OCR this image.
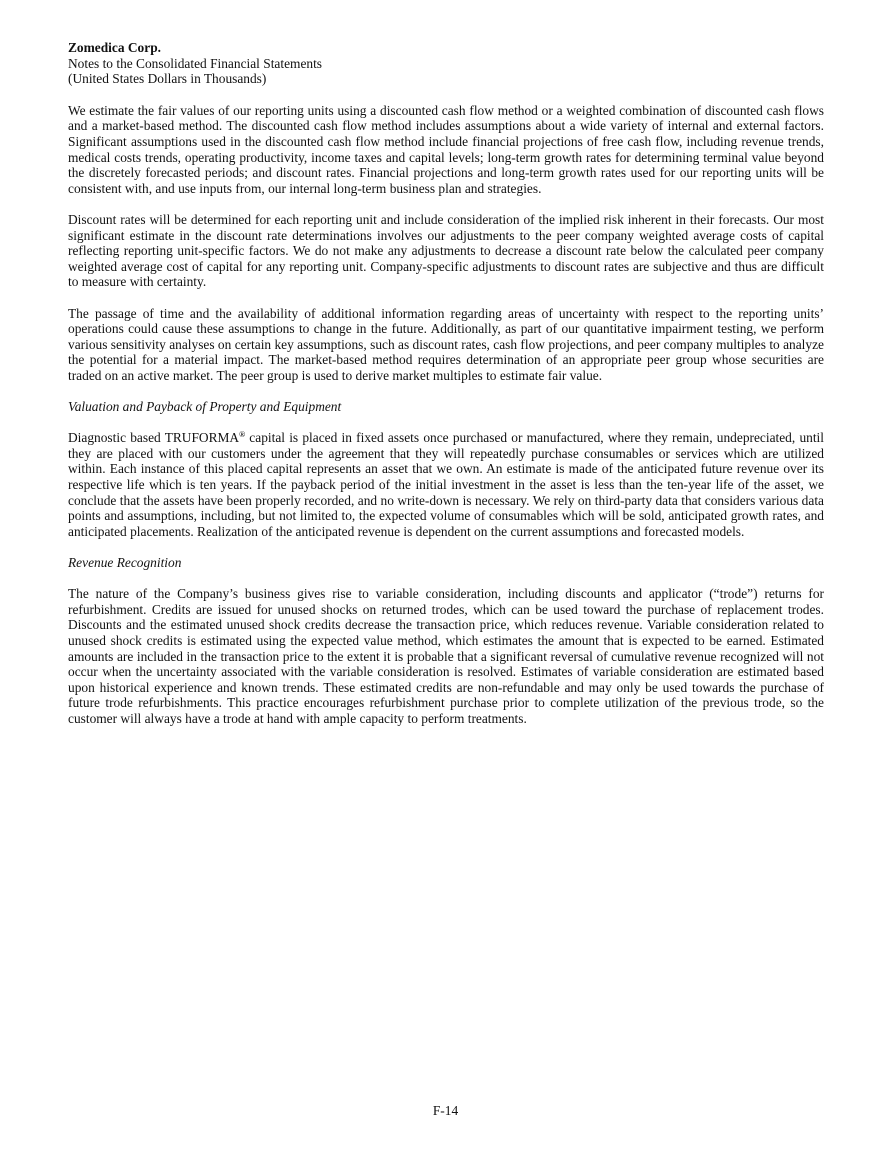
Zomedica Corp.
Notes to the Consolidated Financial Statements
(United States Dollars in Thousands)

We estimate the fair values of our reporting units using a discounted cash flow method or a weighted combination of discounted cash flows and a market-based method. The discounted cash flow method includes assumptions about a wide variety of internal and external factors. Significant assumptions used in the discounted cash flow method include financial projections of free cash flow, including revenue trends, medical costs trends, operating productivity, income taxes and capital levels; long-term growth rates for determining terminal value beyond the discretely forecasted periods; and discount rates. Financial projections and long-term growth rates used for our reporting units will be consistent with, and use inputs from, our internal long-term business plan and strategies.

Discount rates will be determined for each reporting unit and include consideration of the implied risk inherent in their forecasts. Our most significant estimate in the discount rate determinations involves our adjustments to the peer company weighted average costs of capital reflecting reporting unit-specific factors. We do not make any adjustments to decrease a discount rate below the calculated peer company weighted average cost of capital for any reporting unit. Company-specific adjustments to discount rates are subjective and thus are difficult to measure with certainty.

The passage of time and the availability of additional information regarding areas of uncertainty with respect to the reporting units’ operations could cause these assumptions to change in the future. Additionally, as part of our quantitative impairment testing, we perform various sensitivity analyses on certain key assumptions, such as discount rates, cash flow projections, and peer company multiples to analyze the potential for a material impact. The market-based method requires determination of an appropriate peer group whose securities are traded on an active market. The peer group is used to derive market multiples to estimate fair value.

Valuation and Payback of Property and Equipment

Diagnostic based TRUFORMA® capital is placed in fixed assets once purchased or manufactured, where they remain, undepreciated, until they are placed with our customers under the agreement that they will repeatedly purchase consumables or services which are utilized within. Each instance of this placed capital represents an asset that we own. An estimate is made of the anticipated future revenue over its respective life which is ten years. If the payback period of the initial investment in the asset is less than the ten-year life of the asset, we conclude that the assets have been properly recorded, and no write-down is necessary. We rely on third-party data that considers various data points and assumptions, including, but not limited to, the expected volume of consumables which will be sold, anticipated growth rates, and anticipated placements. Realization of the anticipated revenue is dependent on the current assumptions and forecasted models.

Revenue Recognition

The nature of the Company’s business gives rise to variable consideration, including discounts and applicator (“trode”) returns for refurbishment. Credits are issued for unused shocks on returned trodes, which can be used toward the purchase of replacement trodes. Discounts and the estimated unused shock credits decrease the transaction price, which reduces revenue. Variable consideration related to unused shock credits is estimated using the expected value method, which estimates the amount that is expected to be earned. Estimated amounts are included in the transaction price to the extent it is probable that a significant reversal of cumulative revenue recognized will not occur when the uncertainty associated with the variable consideration is resolved. Estimates of variable consideration are estimated based upon historical experience and known trends. These estimated credits are non-refundable and may only be used towards the purchase of future trode refurbishments. This practice encourages refurbishment purchase prior to complete utilization of the previous trode, so the customer will always have a trode at hand with ample capacity to perform treatments.

F-14
